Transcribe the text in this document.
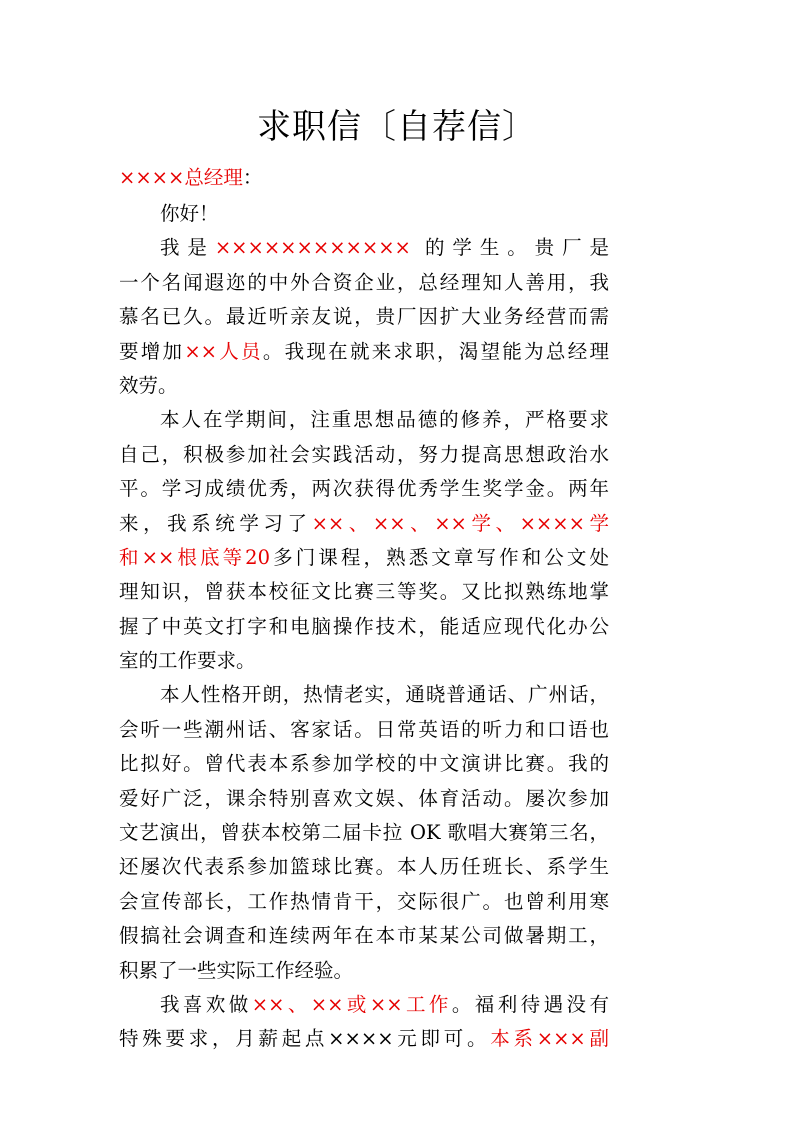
求职信〔自荐信〕
××××总经理：
你好！
我是×××××××××××× 的学生。贵厂是
一个名闻遐迩的中外合资企业，总经理知人善用，我
慕名已久。最近听亲友说，贵厂因扩大业务经营而需
要增加××人员。我现在就来求职，渴望能为总经理
效劳。
本人在学期间，注重思想品德的修养，严格要求
自己，积极参加社会实践活动，努力提高思想政治水
平。学习成绩优秀，两次获得优秀学生奖学金。两年
来，我系统学习了××、××、××学、××××学
和××根底等20多门课程，熟悉文章写作和公文处
理知识，曾获本校征文比赛三等奖。又比拟熟练地掌
握了中英文打字和电脑操作技术，能适应现代化办公
室的工作要求。
本人性格开朗，热情老实，通晓普通话、广州话，
会听一些潮州话、客家话。日常英语的听力和口语也
比拟好。曾代表本系参加学校的中文演讲比赛。我的
爱好广泛，课余特别喜欢文娱、体育活动。屡次参加
文艺演出，曾获本校第二届卡拉 OK 歌唱大赛第三名，
还屡次代表系参加篮球比赛。本人历任班长、系学生
会宣传部长，工作热情肯干，交际很广。也曾利用寒
假搞社会调查和连续两年在本市某某公司做暑期工，
积累了一些实际工作经验。
我喜欢做××、××或××工作。福利待遇没有
特殊要求，月薪起点××××元即可。本系×××副
